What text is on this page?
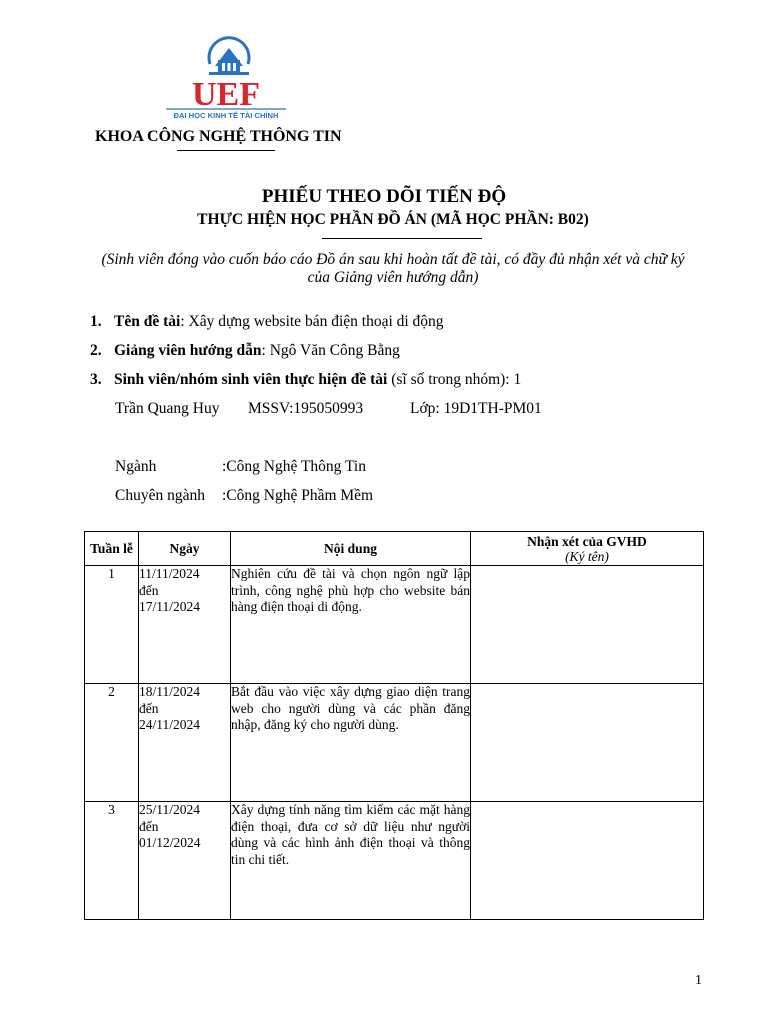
UEF
ĐẠI HỌC KINH TẾ TÀI CHÍNH
KHOA CÔNG NGHỆ THÔNG TIN
PHIẾU THEO DÕI TIẾN ĐỘ
THỰC HIỆN HỌC PHẦN ĐỒ ÁN (MÃ HỌC PHẦN: B02)
(Sinh viên đóng vào cuốn báo cáo Đồ án sau khi hoàn tất đề tài, có đầy đủ nhận xét và chữ ký của Giảng viên hướng dẫn)
1. Tên đề tài: Xây dựng website bán điện thoại di động
2. Giảng viên hướng dẫn: Ngô Văn Công Bằng
3. Sinh viên/nhóm sinh viên thực hiện đề tài (sĩ số trong nhóm): 1
Trần Quang Huy MSSV:195050993	Lớp: 19D1TH-PM01
Ngành	:Công Nghệ Thông Tin
Chuyên ngành :Công Nghệ Phầm Mềm
Tuần lễ	Ngày	Nội dung	Nhận xét của GVHD
(Ký tên)

1	11/11/2024
đến
17/11/2024	Nghiên cứu đề tài và chọn ngôn ngữ lập trình, công nghệ phù hợp cho website bán hàng điện thoại di động.	
2	18/11/2024
đến
24/11/2024	Bắt đầu vào việc xây dựng giao diện trang web cho người dùng và các phần đăng nhập, đăng ký cho người dùng.	
3	25/11/2024
đến
01/12/2024	Xây dựng tính năng tìm kiếm các mặt hàng điện thoại, đưa cơ sở dữ liệu như người dùng và các hình ảnh điện thoại và thông tin chi tiết.	
1
